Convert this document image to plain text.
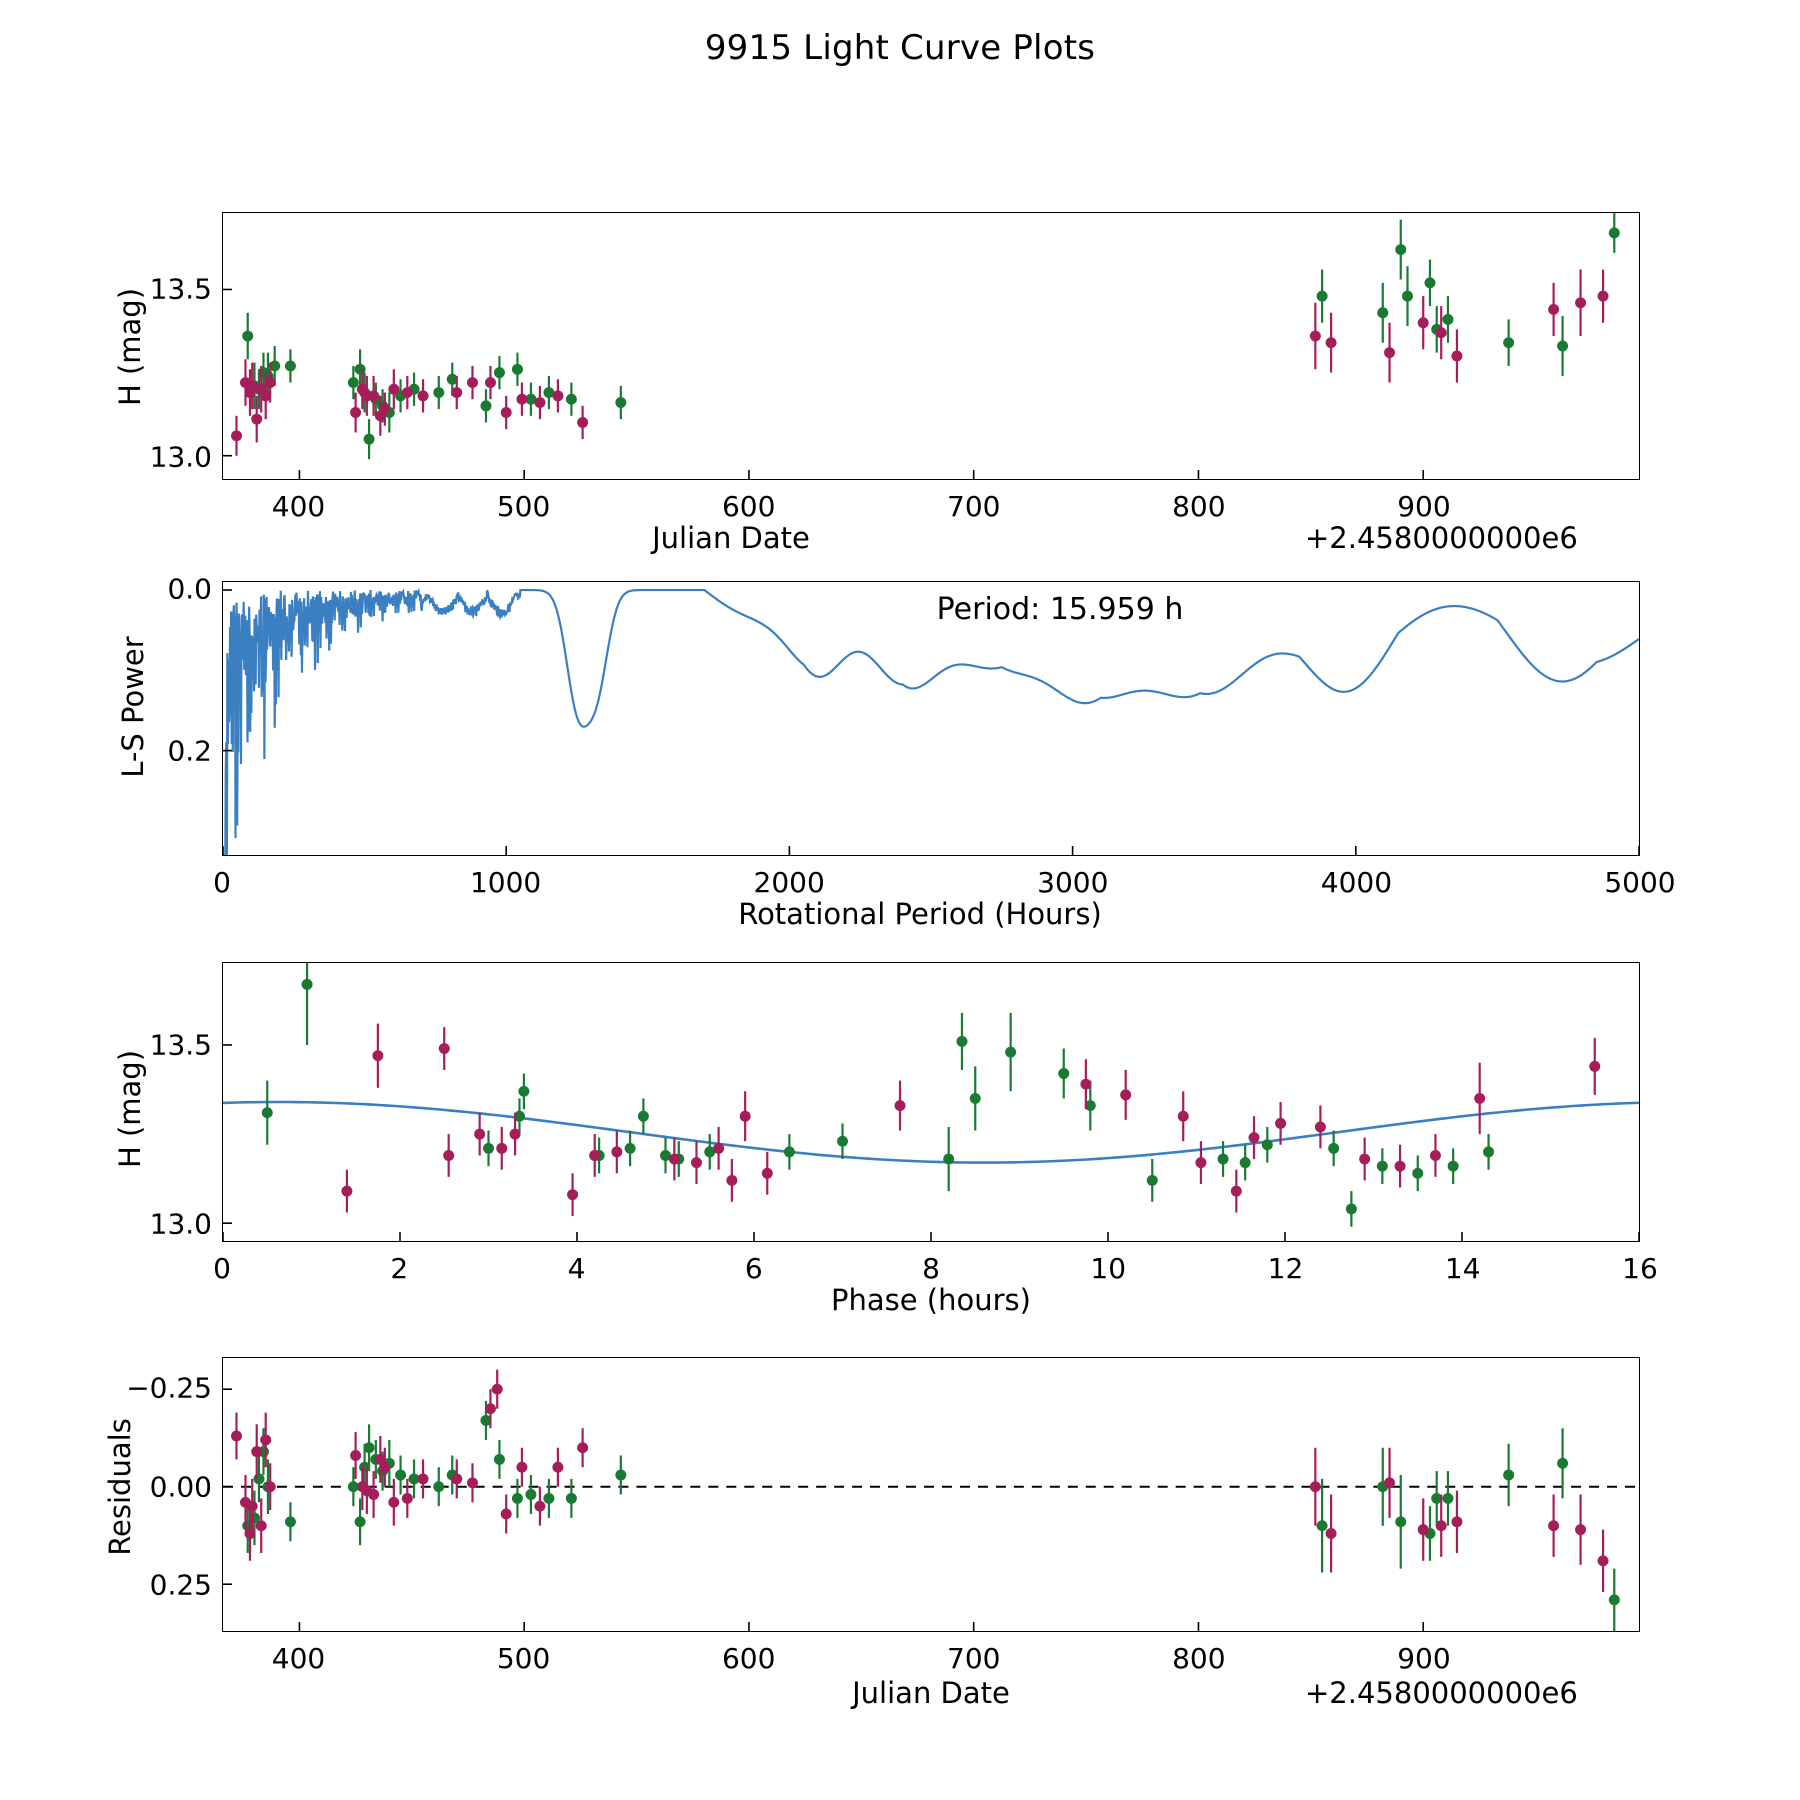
9915 Light Curve Plots
H (mag)
Julian Date	+2.4580000000e6
Period: 15.959 h
L-S Power
Rotational Period (Hours)
H (mag)
Phase (hours)
Residuals
Julian Date	+2.4580000000e6
400	500	600	700	800	900
13.0
13.5
0	1000	2000	3000	4000	5000
0.0
0.2
0	2	4	6	8	10	12	14	16
13.0
13.5
400	500	600	700	800	900
−0.25
0.00
0.25
